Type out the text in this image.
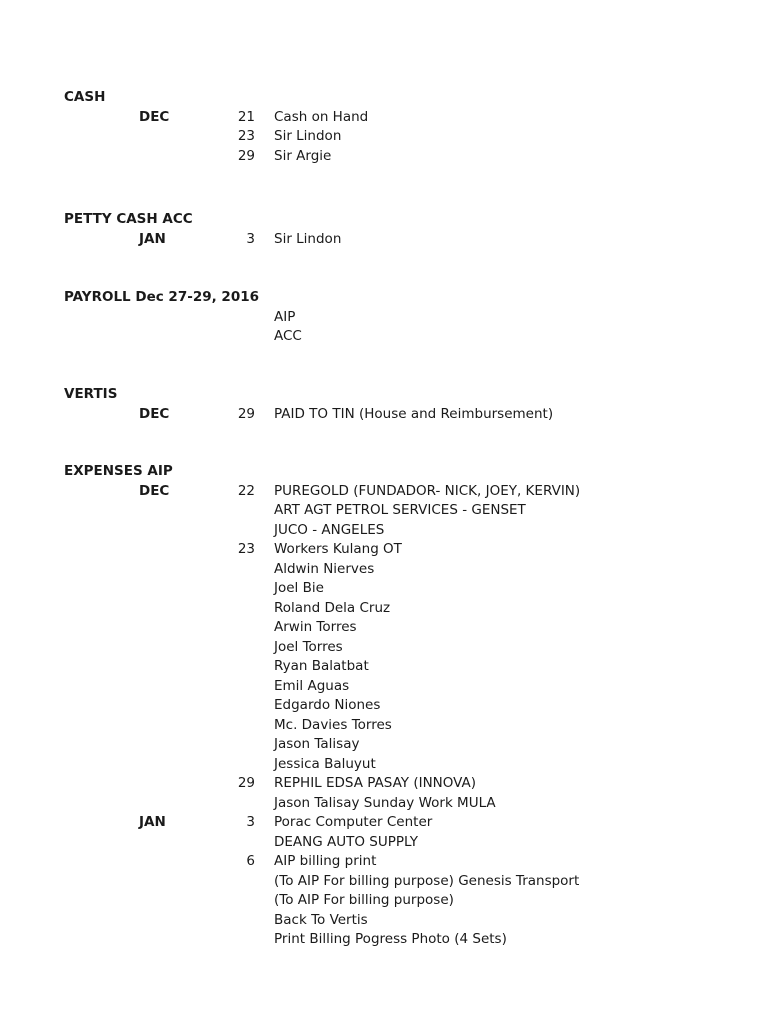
CASH
DEC	21 Cash on Hand
23 Sir Lindon
29 Sir Argie
PETTY CASH ACC
JAN	3 Sir Lindon
PAYROLL Dec 27-29, 2016
AIP
ACC
VERTIS
DEC	29 PAID TO TIN (House and Reimbursement)
EXPENSES AIP
DEC	22 PUREGOLD (FUNDADOR- NICK, JOEY, KERVIN)
ART AGT PETROL SERVICES - GENSET
JUCO - ANGELES
23 Workers Kulang OT
Aldwin Nierves
Joel Bie
Roland Dela Cruz
Arwin Torres
Joel Torres
Ryan Balatbat
Emil Aguas
Edgardo Niones
Mc. Davies Torres
Jason Talisay
Jessica Baluyut
29 REPHIL EDSA PASAY (INNOVA)
Jason Talisay Sunday Work MULA
JAN	3 Porac Computer Center
DEANG AUTO SUPPLY
6 AIP billing print
(To AIP For billing purpose) Genesis Transport
(To AIP For billing purpose)
Back To Vertis
Print Billing Pogress Photo (4 Sets)
